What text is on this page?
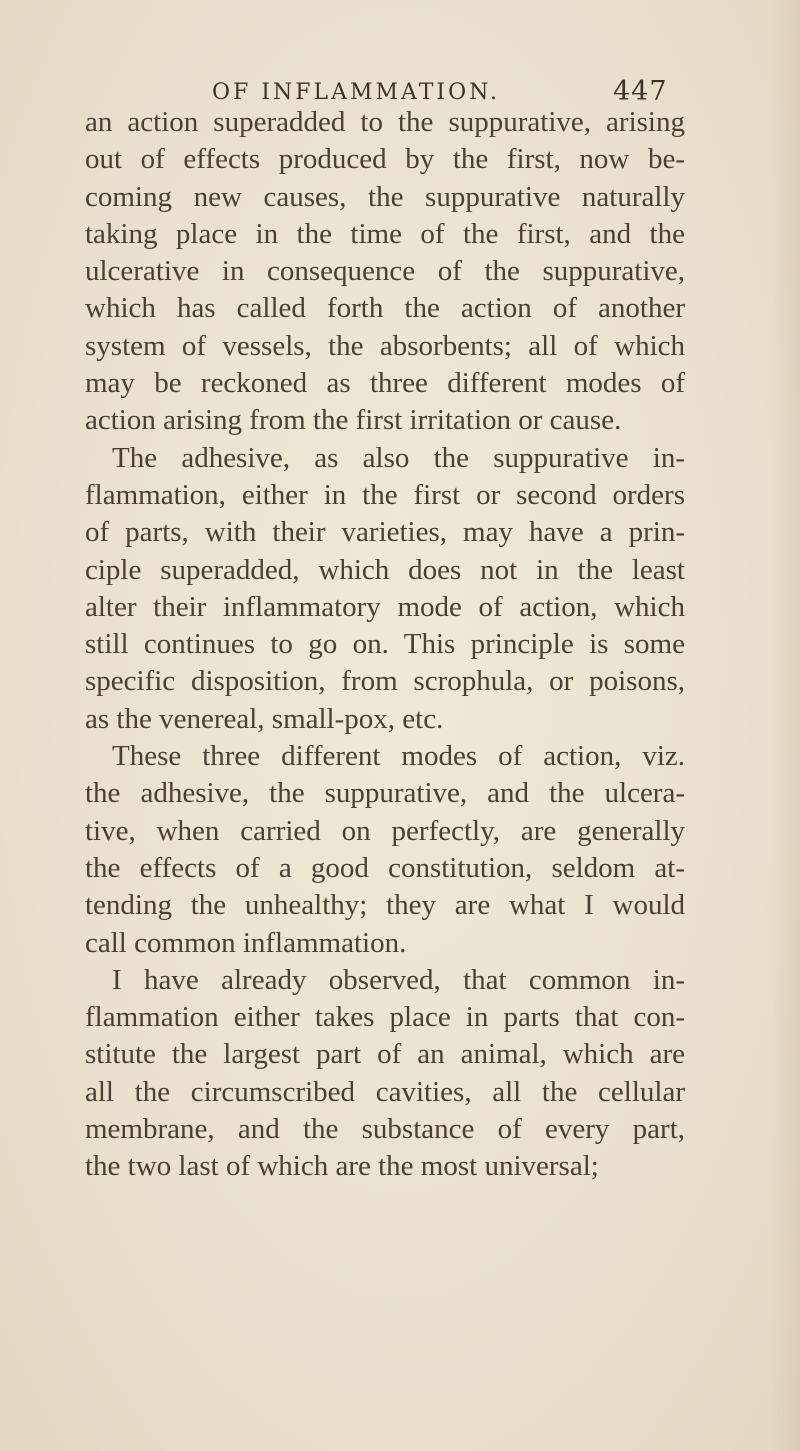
OF INFLAMMATION.	447
an action superadded to the suppurative, arising
out of effects produced by the first, now be-
coming new causes, the suppurative naturally
taking place in the time of the first, and the
ulcerative in consequence of the suppurative,
which has called forth the action of another
system of vessels, the absorbents; all of which
may be reckoned as three different modes of
action arising from the first irritation or cause.
The adhesive, as also the suppurative in-
flammation, either in the first or second orders
of parts, with their varieties, may have a prin-
ciple superadded, which does not in the least
alter their inflammatory mode of action, which
still continues to go on. This principle is some
specific disposition, from scrophula, or poisons,
as the venereal, small-pox, etc.
These three different modes of action, viz.
the adhesive, the suppurative, and the ulcera-
tive, when carried on perfectly, are generally
the effects of a good constitution, seldom at-
tending the unhealthy; they are what I would
call common inflammation.
I have already observed, that common in-
flammation either takes place in parts that con-
stitute the largest part of an animal, which are
all the circumscribed cavities, all the cellular
membrane, and the substance of every part,
the two last of which are the most universal;
